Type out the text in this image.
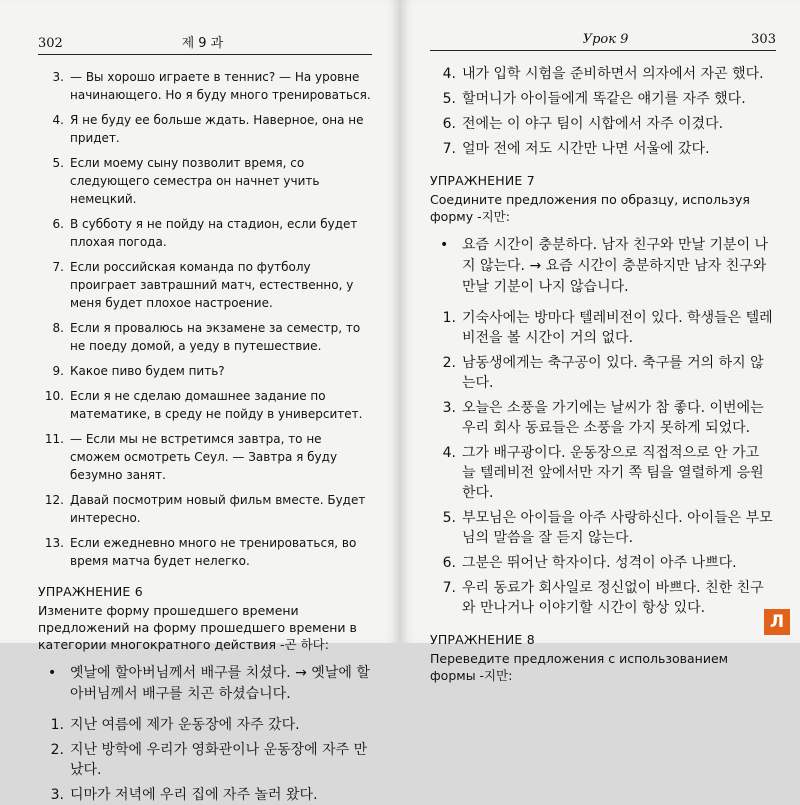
302	제 9 과
3. — Вы хорошо играете в теннис? — На уровне начинающего. Но я буду много тренироваться.
4. Я не буду ее больше ждать. Наверное, она не придет.
5. Если моему сыну позволит время, со следующего семестра он начнет учить немецкий.
6. В субботу я не пойду на стадион, если будет плохая погода.
7. Если российская команда по футболу проиграет завтрашний матч, естественно, у меня будет плохое настроение.
8. Если я провалюсь на экзамене за семестр, то не поеду домой, а уеду в путешествие.
9. Какое пиво будем пить?
10. Если я не сделаю домашнее задание по математике, в среду не пойду в университет.
11. — Если мы не встретимся завтра, то не сможем осмотреть Сеул. — Завтра я буду безумно занят.
12. Давай посмотрим новый фильм вместе. Будет интересно.
13. Если ежедневно много не тренироваться, во время матча будет нелегко.
УПРАЖНЕНИЕ 6
Измените форму прошедшего времени предложений на форму прошедшего времени в категории многократного действия -곤 하다:
• 옛날에 할아버님께서 배구를 치셨다. → 옛날에 할아버님께서 배구를 치곤 하셨습니다.
1. 지난 여름에 제가 운동장에 자주 갔다.
2. 지난 방학에 우리가 영화관이나 운동장에 자주 만났다.
3. 디마가 저녁에 우리 집에 자주 놀러 왔다.
Урок 9	303
4. 내가 입학 시험을 준비하면서 의자에서 자곤 했다.
5. 할머니가 아이들에게 똑같은 얘기를 자주 했다.
6. 전에는 이 야구 팀이 시합에서 자주 이겼다.
7. 얼마 전에 저도 시간만 나면 서울에 갔다.
УПРАЖНЕНИЕ 7
Соедините предложения по образцу, используя форму -지만:
• 요즘 시간이 충분하다. 남자 친구와 만날 기분이 나지 않는다. → 요즘 시간이 충분하지만 남자 친구와 만날 기분이 나지 않습니다.
1. 기숙사에는 방마다 텔레비전이 있다. 학생들은 텔레비전을 볼 시간이 거의 없다.
2. 남동생에게는 축구공이 있다. 축구를 거의 하지 않는다.
3. 오늘은 소풍을 가기에는 날씨가 참 좋다. 이번에는 우리 회사 동료들은 소풍을 가지 못하게 되었다.
4. 그가 배구광이다. 운동장으로 직접적으로 안 가고 늘 텔레비전 앞에서만 자기 쪽 팀을 열렬하게 응원한다.
5. 부모님은 아이들을 아주 사랑하신다. 아이들은 부모님의 말씀을 잘 듣지 않는다.
6. 그분은 뛰어난 학자이다. 성격이 아주 나쁘다.
7. 우리 동료가 회사일로 정신없이 바쁘다. 친한 친구와 만나거나 이야기할 시간이 항상 있다.
УПРАЖНЕНИЕ 8
Переведите предложения с использованием формы -지만:
Л
